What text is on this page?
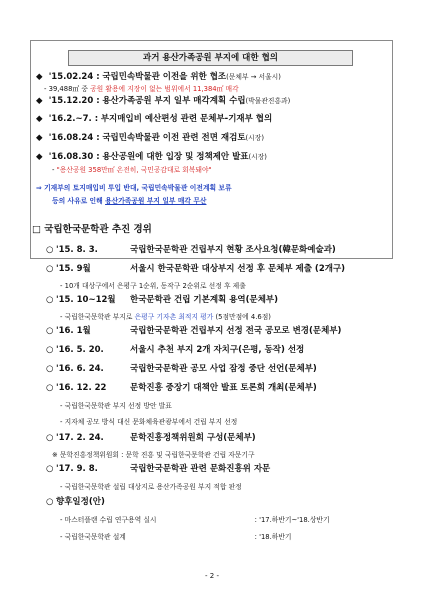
과거 용산가족공원 부지에 대한 협의
◆ '15.02.24 : 국립민속박물관 이전을 위한 협조(문체부 → 서울시)
- 39,488㎡ 중 공원 활용에 지장이 없는 범위에서 11,384㎡ 매각
◆ '15.12.20 : 용산가족공원 부지 일부 매각계획 수립(박물관진흥과)
◆ '16.2.~7. : 부지매입비 예산편성 관련 문체부-기재부 협의
◆ '16.08.24 : 국립민속박물관 이전 관련 전면 재검토(시장)
◆ '16.08.30 : 용산공원에 대한 입장 및 정책제안 발표(시장)
- "용산공원 358만㎡ 온전히, 국민공감대로 회복돼야"
⇒ 기재부의 토지매입비 투입 반대, 국립민속박물관 이전계획 보류
등의 사유로 인해 용산가족공원 부지 일부 매각 무산
□ 국립한국문학관 추진 경위
○ '15. 8. 3.	국립한국문학관 건립부지 현황 조사요청(韓문화예술과)
○ '15. 9월	서울시 한국문학관 대상부지 선정 후 문체부 제출 (2개구)
- 10개 대상구에서 은평구 1순위, 동작구 2순위로 선정 후 제출
○ '15. 10~12월 한국문학관 건립 기본계획 용역(문체부)
- 국립한국문학관 부지로 은평구 기자촌 최적지 평가 (5점만점에 4.6점)
○ '16. 1월	국립한국문학관 건립부지 선정 전국 공모로 변경(문체부)
○ '16. 5. 20.	서울시 추천 부지 2개 자치구(은평, 동작) 선정
○ '16. 6. 24.	국립한국문학관 공모 사업 잠정 중단 선언(문체부)
○ '16. 12. 22	문학진흥 중장기 대책안 발표 토론회 개최(문체부)
- 국립한국문학관 부지 선정 방안 발표
- 지자체 공모 방식 대신 문화체육관광부에서 건립 부지 선정
○ '17. 2. 24.	문학진흥정책위원회 구성(문체부)
※ 문학진흥정책위원회 : 문학 진흥 및 국립한국문학관 건립 자문기구
○ '17. 9. 8.	국립한국문학관 관련 문화진흥위 자문
- 국립한국문학관 설립 대상지로 용산가족공원 부지 적합 판정
○ 향후일정(안)
- 마스터플랜 수립 연구용역 실시	: '17.하반기~'18.상반기
- 국립한국문학관 설계	: '18.하반기
- 2 -
